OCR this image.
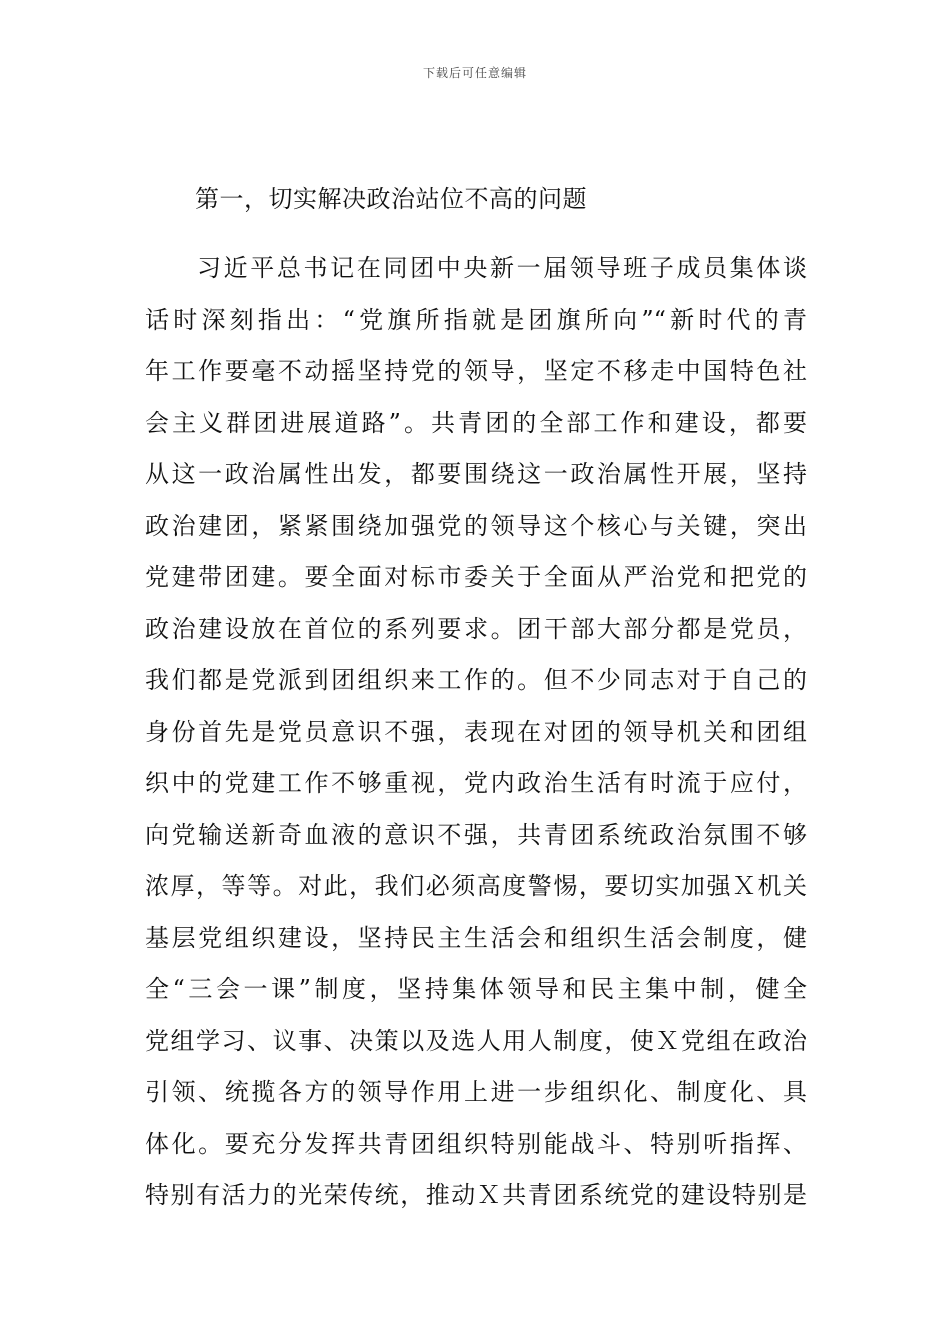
下载后可任意编辑
第一，切实解决政治站位不高的问题
习近平总书记在同团中央新一届领导班子成员集体谈
话时深刻指出：“党旗所指就是团旗所向”“新时代的青
年工作要毫不动摇坚持党的领导，坚定不移走中国特色社
会主义群团进展道路”。共青团的全部工作和建设，都要
从这一政治属性出发，都要围绕这一政治属性开展，坚持
政治建团，紧紧围绕加强党的领导这个核心与关键，突出
党建带团建。要全面对标市委关于全面从严治党和把党的
政治建设放在首位的系列要求。团干部大部分都是党员，
我们都是党派到团组织来工作的。但不少同志对于自己的
身份首先是党员意识不强，表现在对团的领导机关和团组
织中的党建工作不够重视，党内政治生活有时流于应付，
向党输送新奇血液的意识不强，共青团系统政治氛围不够
浓厚，等等。对此，我们必须高度警惕，要切实加强Ｘ机关
基层党组织建设，坚持民主生活会和组织生活会制度，健
全“三会一课”制度，坚持集体领导和民主集中制，健全
党组学习、议事、决策以及选人用人制度，使Ｘ党组在政治
引领、统揽各方的领导作用上进一步组织化、制度化、具
体化。要充分发挥共青团组织特别能战斗、特别听指挥、
特别有活力的光荣传统，推动Ｘ共青团系统党的建设特别是
